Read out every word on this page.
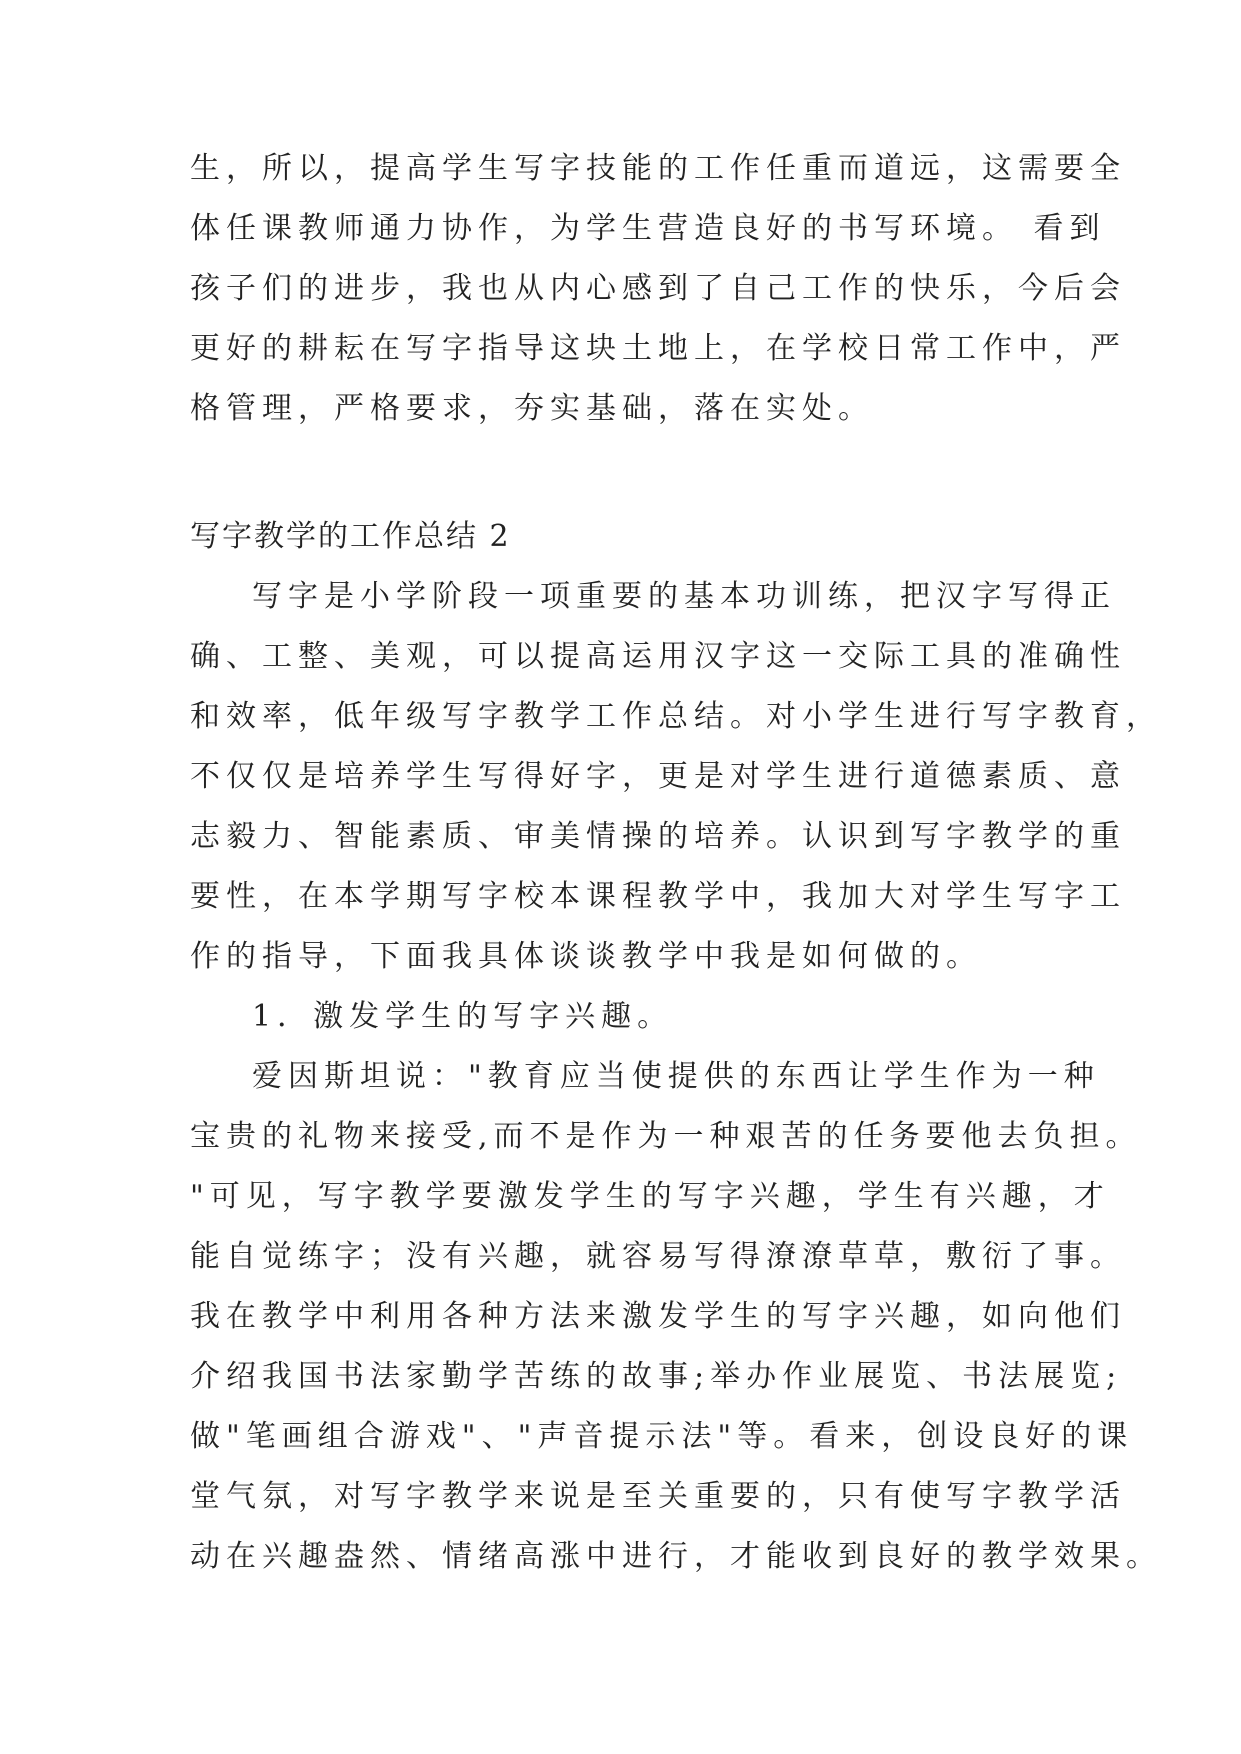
生，所以，提高学生写字技能的工作任重而道远，这需要全
体任课教师通力协作，为学生营造良好的书写环境。 看到
孩子们的进步，我也从内心感到了自己工作的快乐，今后会
更好的耕耘在写字指导这块土地上，在学校日常工作中，严
格管理，严格要求，夯实基础，落在实处。
写字教学的工作总结 2
写字是小学阶段一项重要的基本功训练，把汉字写得正
确、工整、美观，可以提高运用汉字这一交际工具的准确性
和效率，低年级写字教学工作总结。对小学生进行写字教育，
不仅仅是培养学生写得好字，更是对学生进行道德素质、意
志毅力、智能素质、审美情操的培养。认识到写字教学的重
要性，在本学期写字校本课程教学中，我加大对学生写字工
作的指导，下面我具体谈谈教学中我是如何做的。
1．激发学生的写字兴趣。
爱因斯坦说："教育应当使提供的东西让学生作为一种
宝贵的礼物来接受,而不是作为一种艰苦的任务要他去负担。
"可见，写字教学要激发学生的写字兴趣，学生有兴趣，才
能自觉练字；没有兴趣，就容易写得潦潦草草，敷衍了事。
我在教学中利用各种方法来激发学生的写字兴趣，如向他们
介绍我国书法家勤学苦练的故事;举办作业展览、书法展览;
做"笔画组合游戏"、"声音提示法"等。看来，创设良好的课
堂气氛，对写字教学来说是至关重要的，只有使写字教学活
动在兴趣盎然、情绪高涨中进行，才能收到良好的教学效果。
